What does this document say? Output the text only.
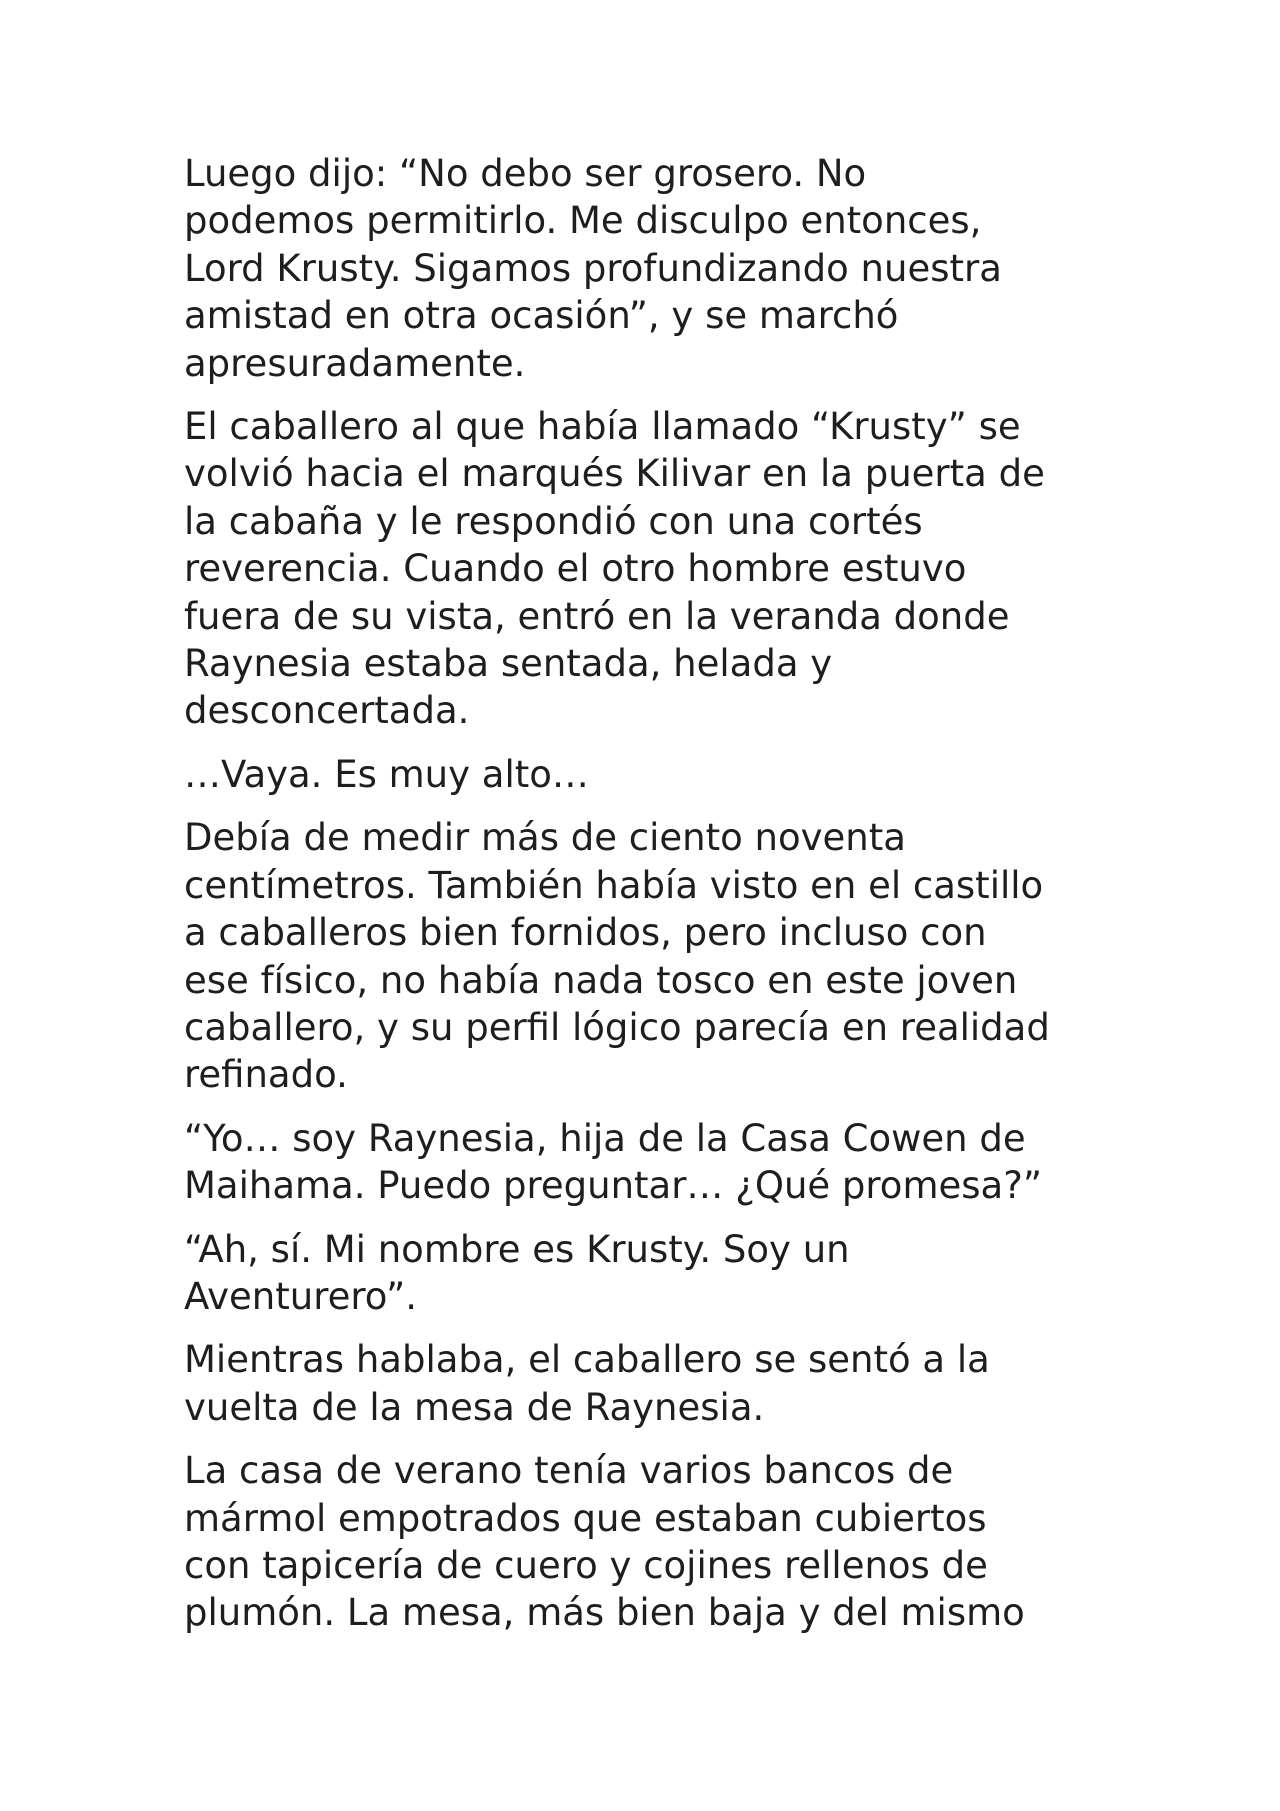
Luego dijo: “No debo ser grosero. No
podemos permitirlo. Me disculpo entonces,
Lord Krusty. Sigamos profundizando nuestra
amistad en otra ocasión”, y se marchó
apresuradamente.

El caballero al que había llamado “Krusty” se
volvió hacia el marqués Kilivar en la puerta de
la cabaña y le respondió con una cortés
reverencia. Cuando el otro hombre estuvo
fuera de su vista, entró en la veranda donde
Raynesia estaba sentada, helada y
desconcertada.

…Vaya. Es muy alto…

Debía de medir más de ciento noventa
centímetros. También había visto en el castillo
a caballeros bien fornidos, pero incluso con
ese físico, no había nada tosco en este joven
caballero, y su perfil lógico parecía en realidad
refinado.

“Yo… soy Raynesia, hija de la Casa Cowen de
Maihama. Puedo preguntar… ¿Qué promesa?”

“Ah, sí. Mi nombre es Krusty. Soy un
Aventurero”.

Mientras hablaba, el caballero se sentó a la
vuelta de la mesa de Raynesia.

La casa de verano tenía varios bancos de
mármol empotrados que estaban cubiertos
con tapicería de cuero y cojines rellenos de
plumón. La mesa, más bien baja y del mismo
